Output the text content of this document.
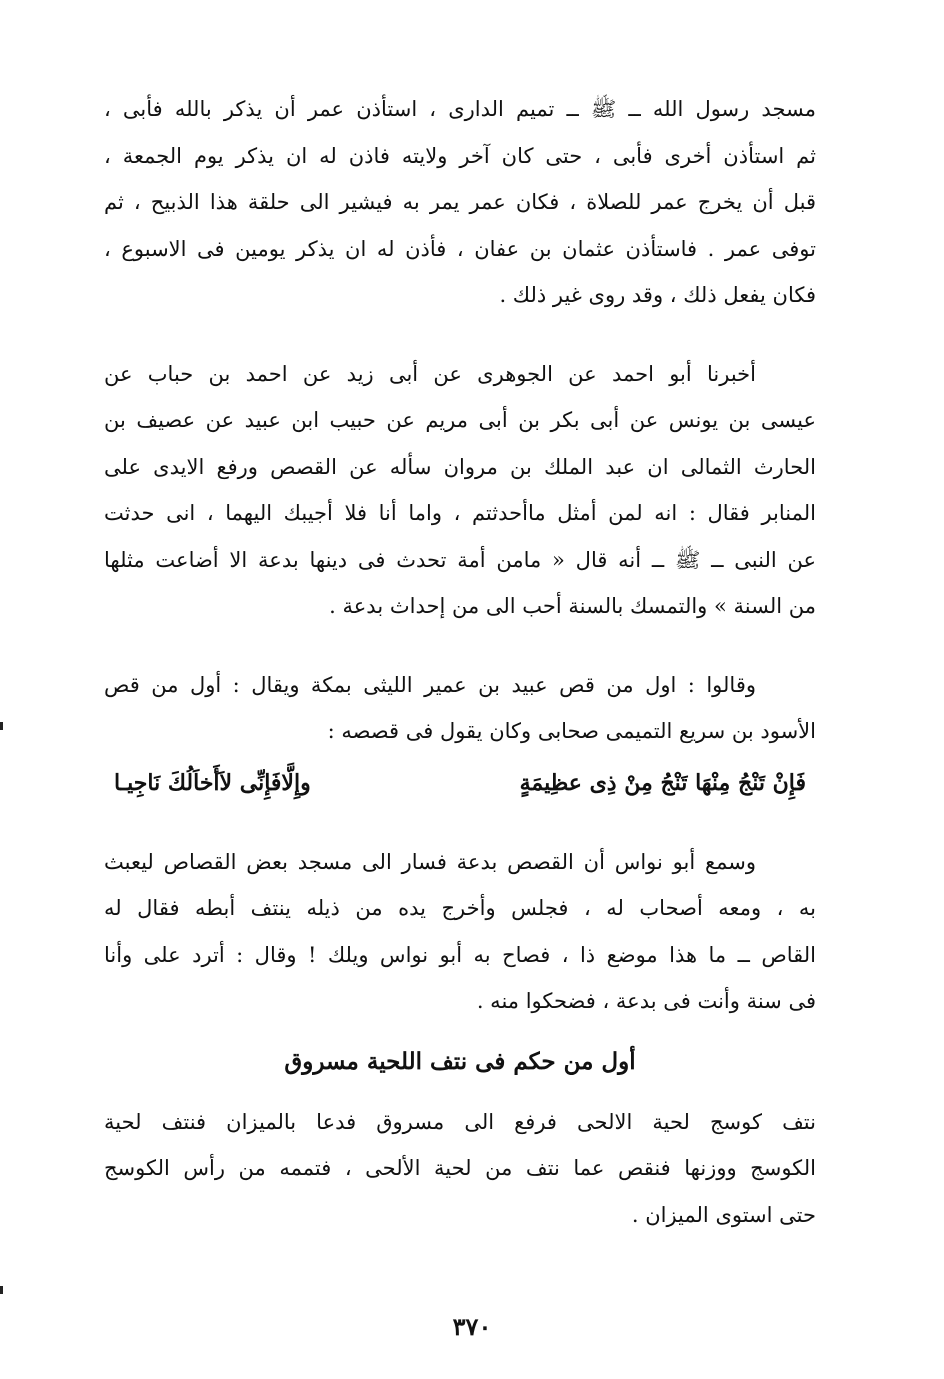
مسجد رسول الله ــ ﷺ ــ تميم الدارى ، استأذن عمر أن يذكر بالله فأبى ،
ثم استأذن أخرى فأبى ، حتى كان آخر ولايته فاذن له ان يذكر يوم الجمعة ،
قبل أن يخرج عمر للصلاة ، فكان عمر يمر به فيشير الى حلقة هذا الذبيح ، ثم
توفى عمر . فاستأذن عثمان بن عفان ، فأذن له ان يذكر يومين فى الاسبوع ،
فكان يفعل ذلك ، وقد روى غير ذلك .
أخبرنا أبو احمد عن الجوهرى عن أبى زيد عن احمد بن حباب عن
عيسى بن يونس عن أبى بكر بن أبى مريم عن حبيب ابن عبيد عن عصيف بن
الحارث الثمالى ان عبد الملك بن مروان سأله عن القصص ورفع الايدى على
المنابر فقال : انه لمن أمثل ماأحدثتم ، واما أنا فلا أجيبك اليهما ، انى حدثت
عن النبى ــ ﷺ ــ أنه قال « مامن أمة تحدث فى دينها بدعة الا أضاعت مثلها
من السنة » والتمسك بالسنة أحب الى من إحداث بدعة .
وقالوا : اول من قص عبيد بن عمير الليثى بمكة ويقال : أول من قص
الأسود بن سريع التميمى صحابى وكان يقول فى قصصه :
فَإِنْ تَنْجُ مِنْهَا تَنْجُ مِنْ ذِى عظِيمَةٍ
وإِلَّافَإِنِّى لاَأَخاَلُكَ نَاجِيـا
وسمع أبو نواس أن القصص بدعة فسار الى مسجد بعض القصاص ليعبث
به ، ومعه أصحاب له ، فجلس وأخرج يده من ذيله ينتف أبطه فقال له
القاص ــ ما هذا موضع ذا ، فصاح به أبو نواس ويلك ! وقال : أترد على وأنا
فى سنة وأنت فى بدعة ، فضحكوا منه .
أول من حكم فى نتف اللحية مسروق
نتف كوسج لحية الالحى فرفع الى مسروق فدعا بالميزان فنتف لحية
الكوسج ووزنها فنقص عما نتف من لحية الألحى ، فتممه من رأس الكوسج
حتى استوى الميزان .
٣٧٠
